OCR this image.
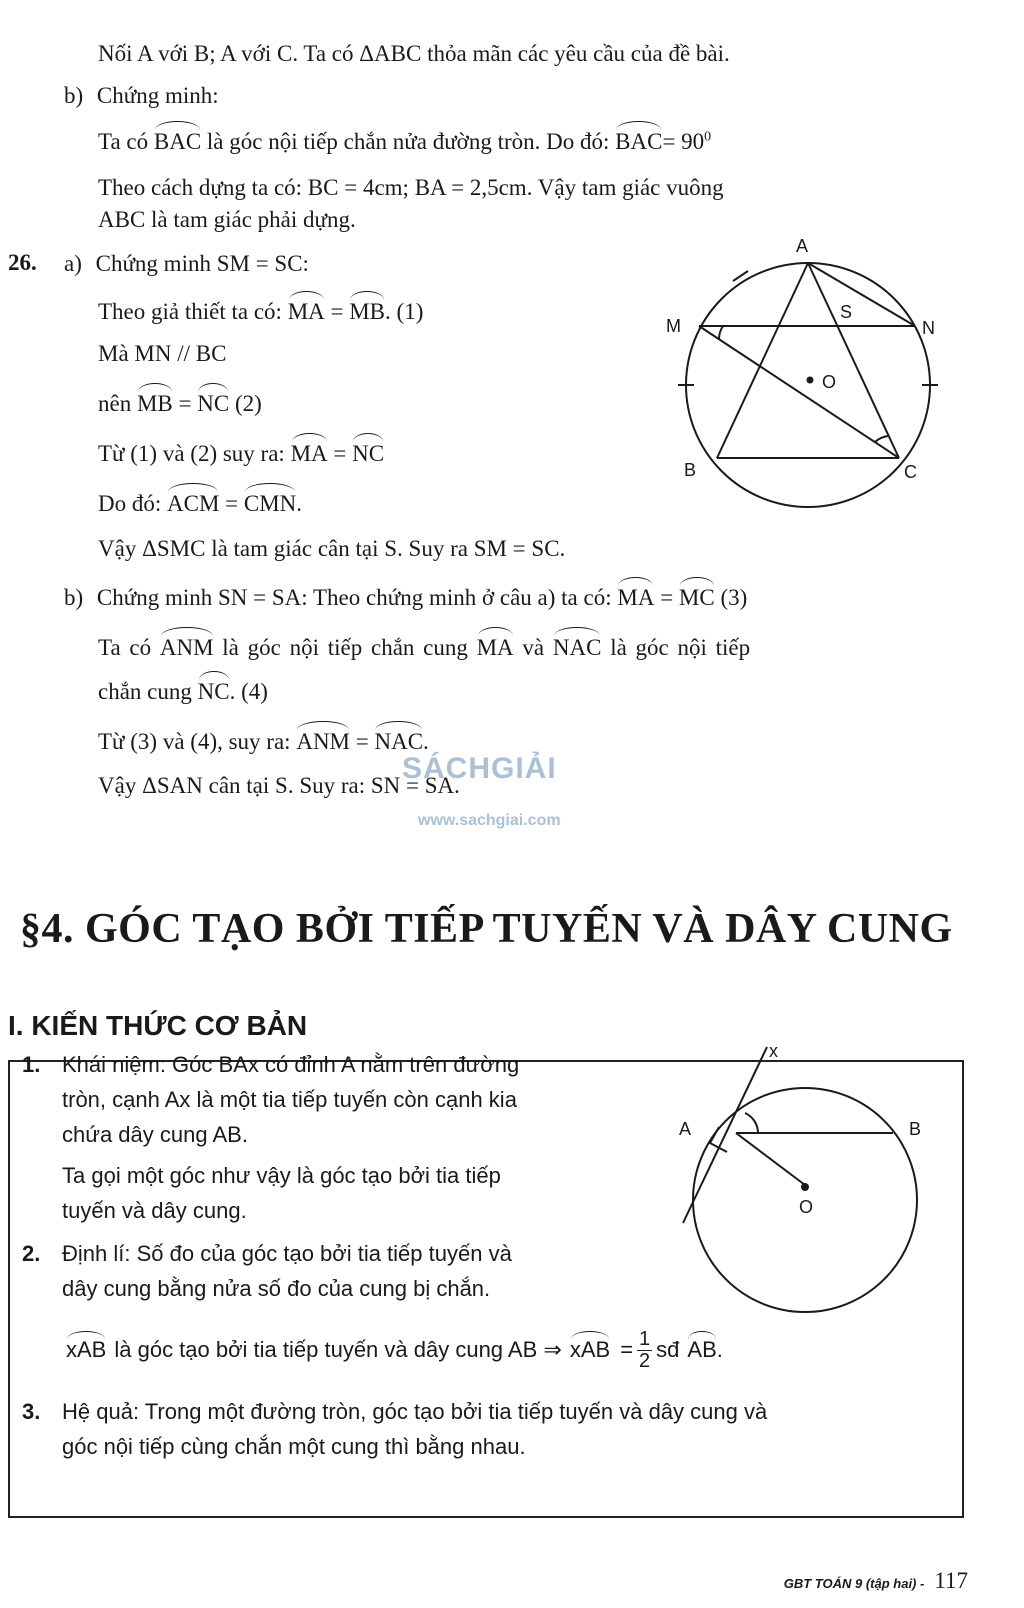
Nối A với B; A với C. Ta có ΔABC thỏa mãn các yêu cầu của đề bài.
b) Chứng minh:
Ta có BAC là góc nội tiếp chắn nửa đường tròn. Do đó: $BAC= 90^0$
Theo cách dựng ta có: BC = 4cm; BA = 2,5cm. Vậy tam giác vuông
ABC là tam giác phải dựng.
26. a) Chứng minh SM = SC:
Theo giả thiết ta có: MA = MB. (1)
Mà MN // BC
nên MB = NC (2)
Từ (1) và (2) suy ra: MA = NC
Do đó: ACM = CMN.
Vậy ΔSMC là tam giác cân tại S. Suy ra SM = SC.
b) Chứng minh SN = SA: Theo chứng minh ở câu a) ta có: MA = MC (3)
Ta có ANM là góc nội tiếp chắn cung MA và NAC là góc nội tiếp
chắn cung NC. (4)
Từ (3) và (4), suy ra: ANM = NAC.
Vậy ΔSAN cân tại S. Suy ra: SN = SA.
SÁCHGIẢI
www.sachgiai.com
A
M	N
S
O
B	C
§4. GÓC TẠO BỞI TIẾP TUYẾN VÀ DÂY CUNG
I. KIẾN THỨC CƠ BẢN
1. Khái niệm: Góc BAx có đỉnh A nằm trên đường
tròn, cạnh Ax là một tia tiếp tuyến còn cạnh kia
chứa dây cung AB.
Ta gọi một góc như vậy là góc tạo bởi tia tiếp
tuyến và dây cung.
2. Định lí: Số đo của góc tạo bởi tia tiếp tuyến và
dây cung bằng nửa số đo của cung bị chắn.
xAB là góc tạo bởi tia tiếp tuyến và dây cung AB ⇒ xAB = $\frac{1}{2}$ sđ AB .
3. Hệ quả: Trong một đường tròn, góc tạo bởi tia tiếp tuyến và dây cung và
góc nội tiếp cùng chắn một cung thì bằng nhau.
x
A	B
O
GBT TOÁN 9 (tập hai) - 117
